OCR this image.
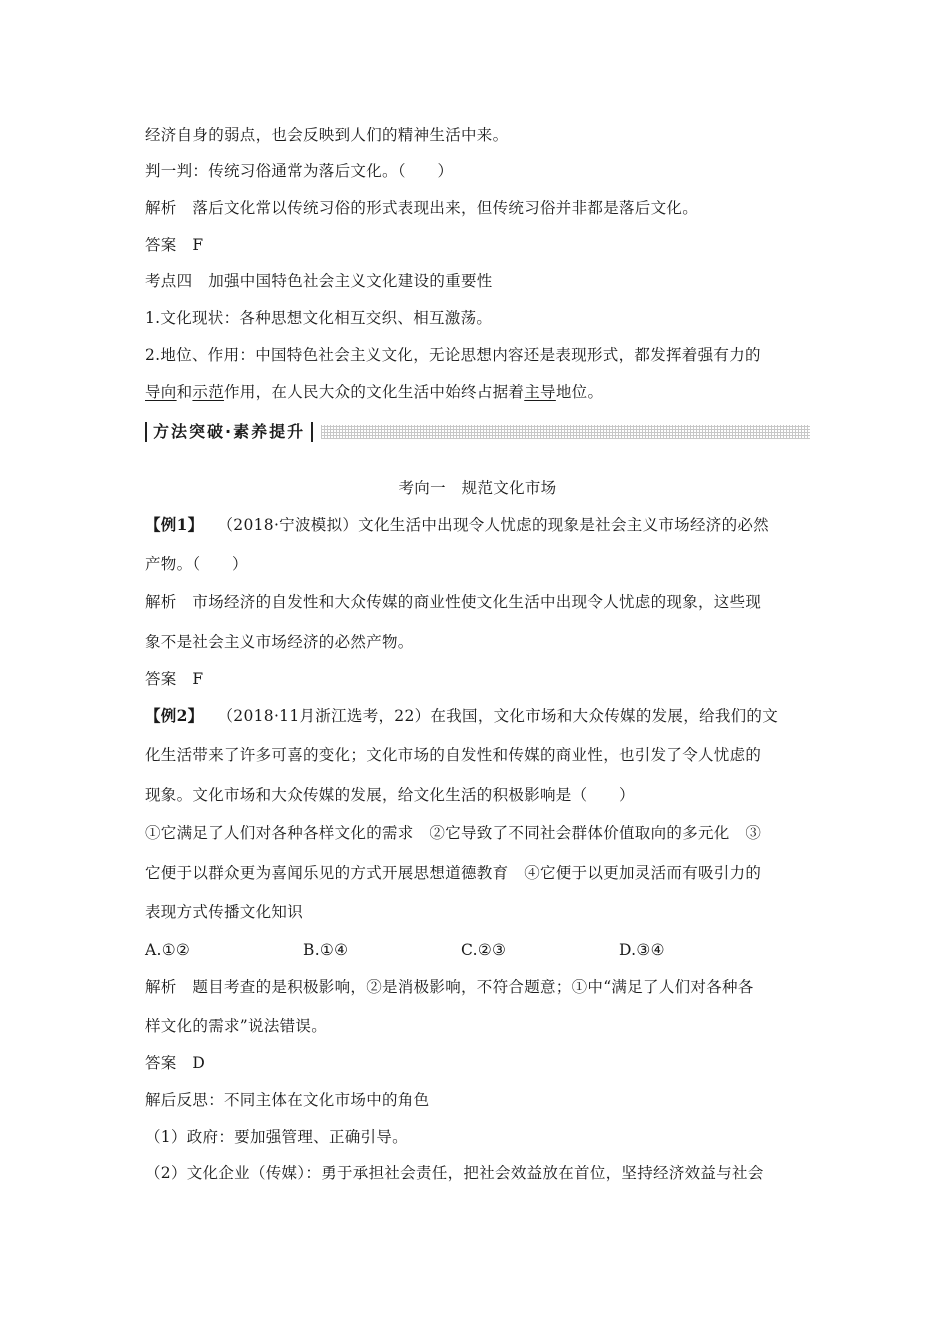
经济自身的弱点，也会反映到人们的精神生活中来。
判一判：传统习俗通常为落后文化。（　　）
解析　落后文化常以传统习俗的形式表现出来，但传统习俗并非都是落后文化。
答案　F
考点四　加强中国特色社会主义文化建设的重要性
1.文化现状：各种思想文化相互交织、相互激荡。
2.地位、作用：中国特色社会主义文化，无论思想内容还是表现形式，都发挥着强有力的
导向和示范作用，在人民大众的文化生活中始终占据着主导地位。
方法突破·素养提升
考向一　规范文化市场
【例1】 （2018·宁波模拟）文化生活中出现令人忧虑的现象是社会主义市场经济的必然
产物。（　　）
解析　市场经济的自发性和大众传媒的商业性使文化生活中出现令人忧虑的现象，这些现
象不是社会主义市场经济的必然产物。
答案　F
【例2】 （2018·11月浙江选考，22）在我国，文化市场和大众传媒的发展，给我们的文
化生活带来了许多可喜的变化；文化市场的自发性和传媒的商业性，也引发了令人忧虑的
现象。文化市场和大众传媒的发展，给文化生活的积极影响是（　　）
①它满足了人们对各种各样文化的需求　②它导致了不同社会群体价值取向的多元化　③
它便于以群众更为喜闻乐见的方式开展思想道德教育　④它便于以更加灵活而有吸引力的
表现方式传播文化知识
A.①②	B.①④	C.②③	D.③④
解析　题目考查的是积极影响，②是消极影响，不符合题意；①中“满足了人们对各种各
样文化的需求”说法错误。
答案　D
解后反思：不同主体在文化市场中的角色
（1）政府：要加强管理、正确引导。
（2）文化企业（传媒）：勇于承担社会责任，把社会效益放在首位，坚持经济效益与社会
